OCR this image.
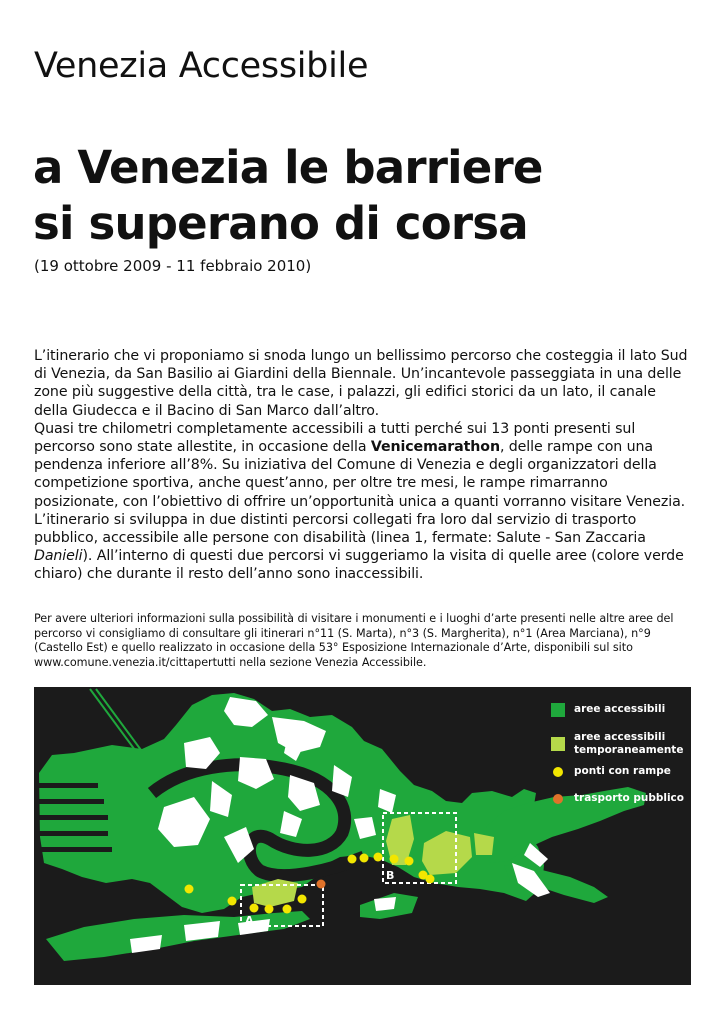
Venezia Accessibile
a Venezia le barriere
si superano di corsa
(19 ottobre 2009 - 11 febbraio 2010)

L’itinerario che vi proponiamo si snoda lungo un bellissimo percorso che costeggia il lato Sud di Venezia, da San Basilio ai Giardini della Biennale. Un’incantevole passeggiata in una delle zone più suggestive della città, tra le case, i palazzi, gli edifici storici da un lato, il canale della Giudecca e il Bacino di San Marco dall’altro.

Quasi tre chilometri completamente accessibili a tutti perché sui 13 ponti presenti sul percorso sono state allestite, in occasione della Venicemarathon, delle rampe con una pendenza inferiore all’8%. Su iniziativa del Comune di Venezia e degli organizzatori della competizione sportiva, anche quest’anno, per oltre tre mesi, le rampe rimarranno posizionate, con l’obiettivo di offrire un’opportunità unica a quanti vorranno visitare Venezia.

L’itinerario si sviluppa in due distinti percorsi collegati fra loro dal servizio di trasporto pubblico, accessibile alle persone con disabilità (linea 1, fermate: Salute - San Zaccaria Danieli). All’interno di questi due percorsi vi suggeriamo la visita di quelle aree (colore verde chiaro) che durante il resto dell’anno sono inaccessibili.

Per avere ulteriori informazioni sulla possibilità di visitare i monumenti e i luoghi d’arte presenti nelle altre aree del percorso vi consigliamo di consultare gli itinerari n°11 (S. Marta), n°3 (S. Margherita), n°1 (Area Marciana), n°9 (Castello Est) e quello realizzato in occasione della 53° Esposizione Internazionale d’Arte, disponibili sul sito www.comune.venezia.it/cittapertutti nella sezione Venezia Accessibile.
A
B
aree accessibili
aree accessibili temporaneamente
ponti con rampe
trasporto pubblico
